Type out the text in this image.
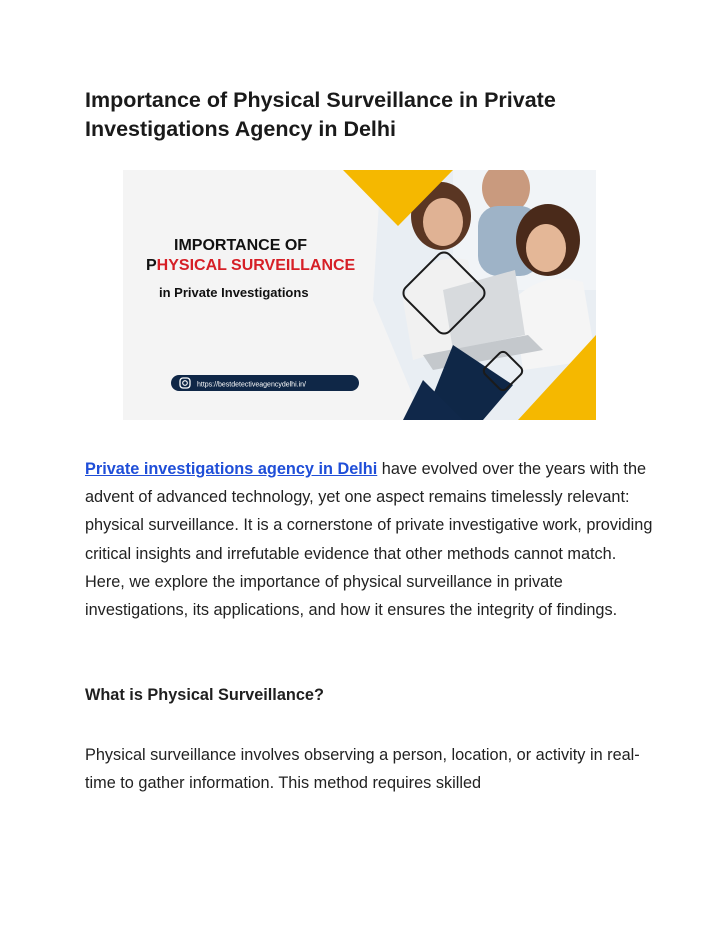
Importance of Physical Surveillance in Private Investigations Agency in Delhi
IMPORTANCE OF
PHYSICAL SURVEILLANCE
in Private Investigations
https://bestdetectiveagencydelhi.in/

Private investigations agency in Delhi have evolved over the years with the advent of advanced technology, yet one aspect remains timelessly relevant: physical surveillance. It is a cornerstone of private investigative work, providing critical insights and irrefutable evidence that other methods cannot match. Here, we explore the importance of physical surveillance in private investigations, its applications, and how it ensures the integrity of findings.

What is Physical Surveillance?

Physical surveillance involves observing a person, location, or activity in real-time to gather information. This method requires skilled
